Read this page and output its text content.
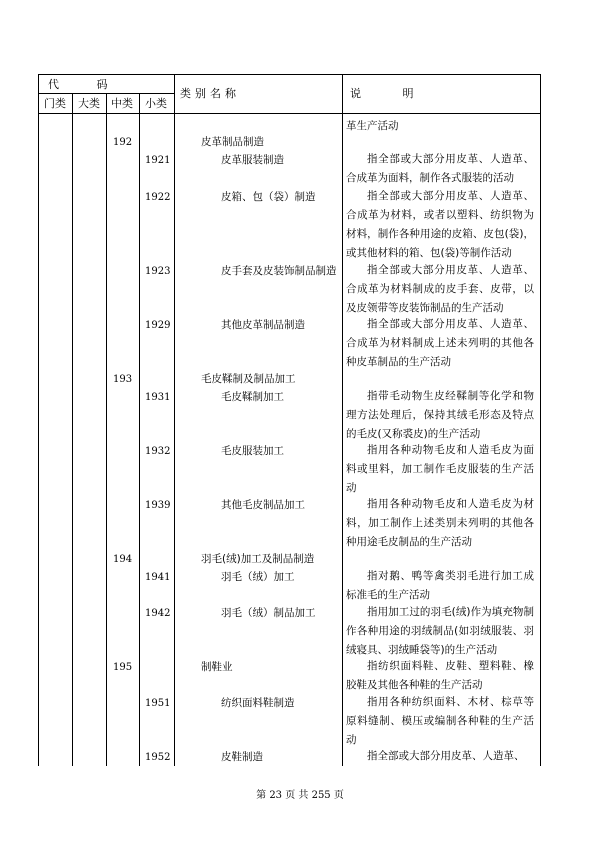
代 码
门类 大类 中类 小类
类别名称	说 明
革生产活动
192	皮革制品制造
1921	皮革服装制造	指全部或大部分用皮革、人造革、合成革为面料，制作各式服装的活动
1922	皮箱、包（袋）制造	指全部或大部分用皮革、人造革、合成革为材料，或者以塑料、纺织物为材料，制作各种用途的皮箱、皮包(袋)，或其他材料的箱、包(袋)等制作活动
1923	皮手套及皮装饰制品制造	指全部或大部分用皮革、人造革、合成革为材料制成的皮手套、皮带，以及皮领带等皮装饰制品的生产活动
1929	其他皮革制品制造	指全部或大部分用皮革、人造革、合成革为材料制成上述未列明的其他各种皮革制品的生产活动
193	毛皮鞣制及制品加工
1931	毛皮鞣制加工	指带毛动物生皮经鞣制等化学和物理方法处理后，保持其绒毛形态及特点的毛皮(又称裘皮)的生产活动
1932	毛皮服装加工	指用各种动物毛皮和人造毛皮为面料或里料，加工制作毛皮服装的生产活动
1939	其他毛皮制品加工	指用各种动物毛皮和人造毛皮为材料，加工制作上述类别未列明的其他各种用途毛皮制品的生产活动
194	羽毛(绒)加工及制品制造
1941	羽毛（绒）加工	指对鹅、鸭等禽类羽毛进行加工成标准毛的生产活动
1942	羽毛（绒）制品加工	指用加工过的羽毛(绒)作为填充物制作各种用途的羽绒制品(如羽绒服装、羽绒寝具、羽绒睡袋等)的生产活动
195	制鞋业	指纺织面料鞋、皮鞋、塑料鞋、橡胶鞋及其他各种鞋的生产活动
1951	纺织面料鞋制造	指用各种纺织面料、木材、棕草等原料缝制、模压或编制各种鞋的生产活动
1952	皮鞋制造	指全部或大部分用皮革、人造革、
第 23 页 共 255 页
